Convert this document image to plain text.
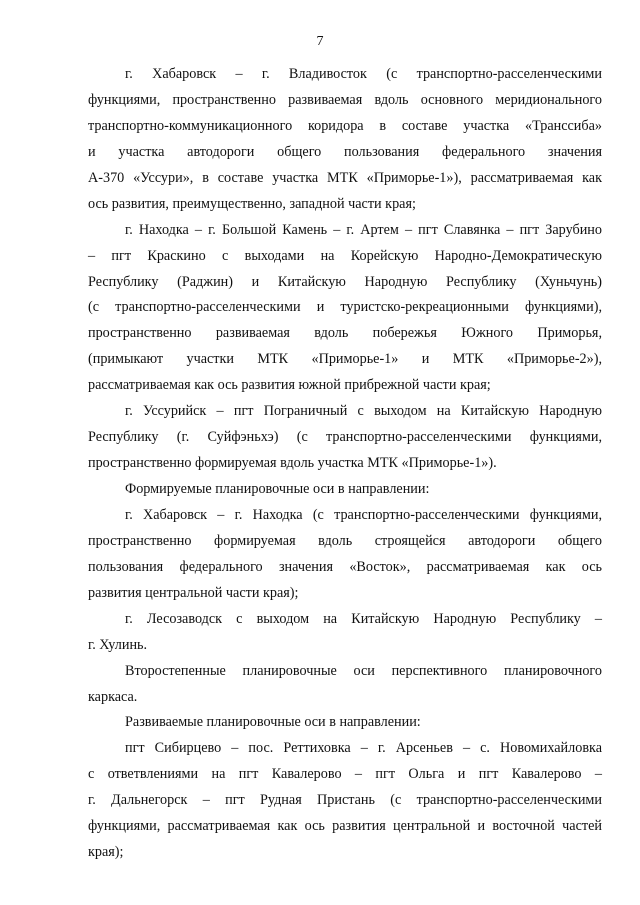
7
г. Хабаровск – г. Владивосток (с транспортно-расселенческими
функциями, пространственно развиваемая вдоль основного меридионального
транспортно-коммуникационного коридора в составе участка «Транссиба»
и участка автодороги общего пользования федерального значения
А-370 «Уссури», в составе участка МТК «Приморье-1»), рассматриваемая как
ось развития, преимущественно, западной части края;
г. Находка – г. Большой Камень – г. Артем – пгт Славянка – пгт Зарубино
– пгт Краскино с выходами на Корейскую Народно-Демократическую
Республику (Раджин) и Китайскую Народную Республику (Хуньчунь)
(с транспортно-расселенческими и туристско-рекреационными функциями),
пространственно развиваемая вдоль побережья Южного Приморья,
(примыкают участки МТК «Приморье-1» и МТК «Приморье-2»),
рассматриваемая как ось развития южной прибрежной части края;
г. Уссурийск – пгт Пограничный с выходом на Китайскую Народную
Республику (г. Суйфэньхэ) (с транспортно-расселенческими функциями,
пространственно формируемая вдоль участка МТК «Приморье-1»).
Формируемые планировочные оси в направлении:
г. Хабаровск – г. Находка (с транспортно-расселенческими функциями,
пространственно формируемая вдоль строящейся автодороги общего
пользования федерального значения «Восток», рассматриваемая как ось
развития центральной части края);
г. Лесозаводск с выходом на Китайскую Народную Республику –
г. Хулинь.
Второстепенные планировочные оси перспективного планировочного
каркаса.
Развиваемые планировочные оси в направлении:
пгт Сибирцево – пос. Реттиховка – г. Арсеньев – с. Новомихайловка
с ответвлениями на пгт Кавалерово – пгт Ольга и пгт Кавалерово –
г. Дальнегорск – пгт Рудная Пристань (с транспортно-расселенческими
функциями, рассматриваемая как ось развития центральной и восточной частей
края);
